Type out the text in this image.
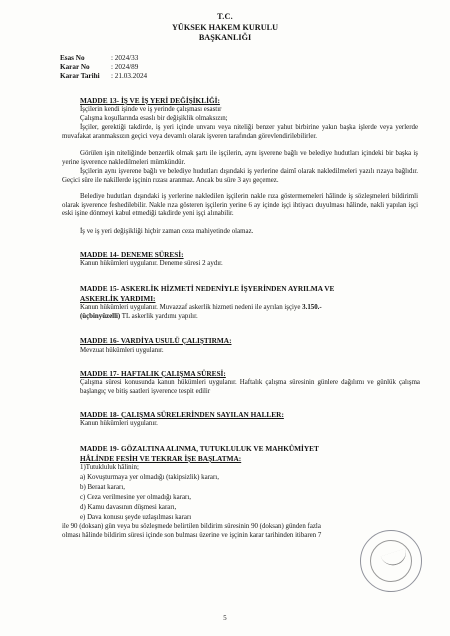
T.C.
YÜKSEK HAKEM KURULU
BAŞKANLIĞI
Esas No	: 2024/33
Karar No	: 2024/89
Karar Tarihi : 21.03.2024
MADDE 13- İŞ VE İŞ YERİ DEĞİŞİKLİĞİ:
İşçilerin kendi işinde ve iş yerinde çalışması esastır
Çalışma koşullarında esaslı bir değişiklik olmaksızın;
İşçiler, gerektiği takdirde, iş yeri içinde unvanı veya niteliği benzer yahut birbirine yakın başka işlerde veya yerlerde muvafakat aranmaksızın geçici veya devamlı olarak işveren tarafından görevlendirilebilirler.
Görülen işin niteliğinde benzerlik olmak şartı ile işçilerin, aynı işverene bağlı ve belediye hudutları içindeki bir başka iş yerine işverence nakledilmeleri mümkündür.
İşçilerin aynı işverene bağlı ve belediye hudutları dışındaki iş yerlerine daimî olarak nakledilmeleri yazılı rızaya bağlıdır. Geçici süre ile nakillerde işçinin rızası aranmaz. Ancak bu süre 3 ayı geçemez.
Belediye hudutları dışındaki iş yerlerine nakledilen işçilerin nakle rıza göstermemeleri hâlinde iş sözleşmeleri bildirimli olarak işverence feshedilebilir. Nakle rıza gösteren işçilerin yerine 6 ay içinde işçi ihtiyacı duyulması hâlinde, nakli yapılan işçi eski işine dönmeyi kabul etmediği takdirde yeni işçi alınabilir.
İş ve iş yeri değişikliği hiçbir zaman ceza mahiyetinde olamaz.
MADDE 14- DENEME SÜRESİ:
Kanun hükümleri uygulanır. Deneme süresi 2 aydır.
MADDE 15- ASKERLİK HİZMETİ NEDENİYLE İŞYERİNDEN AYRILMA VE
ASKERLİK YARDIMI:
Kanun hükümleri uygulanır. Muvazzaf askerlik hizmeti nedeni ile ayrılan işçiye 3.150.-
(üçbinyüzelli) TL askerlik yardımı yapılır.
MADDE 16- VARDİYA USULÜ ÇALIŞTIRMA:
Mevzuat hükümleri uygulanır.
MADDE 17- HAFTALIK ÇALIŞMA SÜRESİ:
Çalışma süresi konusunda kanun hükümleri uygulanır. Haftalık çalışma süresinin günlere dağılımı ve günlük çalışma başlangıç ve bitiş saatleri işverence tespit edilir
MADDE 18- ÇALIŞMA SÜRELERİNDEN SAYILAN HALLER:
Kanun hükümleri uygulanır.
MADDE 19- GÖZALTINA ALINMA, TUTUKLULUK VE MAHKÛMİYET
HÂLİNDE FESİH VE TEKRAR İŞE BAŞLATMA:
1)Tutukluluk hâlinin;
a) Kovuşturmaya yer olmadığı (takipsizlik) kararı,
b) Beraat kararı,
c) Ceza verilmesine yer olmadığı kararı,
d) Kamu davasının düşmesi kararı,
e) Dava konusu şeyde uzlaşılması kararı
ile 90 (doksan) gün veya bu sözleşmede belirtilen bildirim süresinin 90 (doksan) günden fazla
olması hâlinde bildirim süresi içinde son bulması üzerine ve işçinin karar tarihinden itibaren 7
5
